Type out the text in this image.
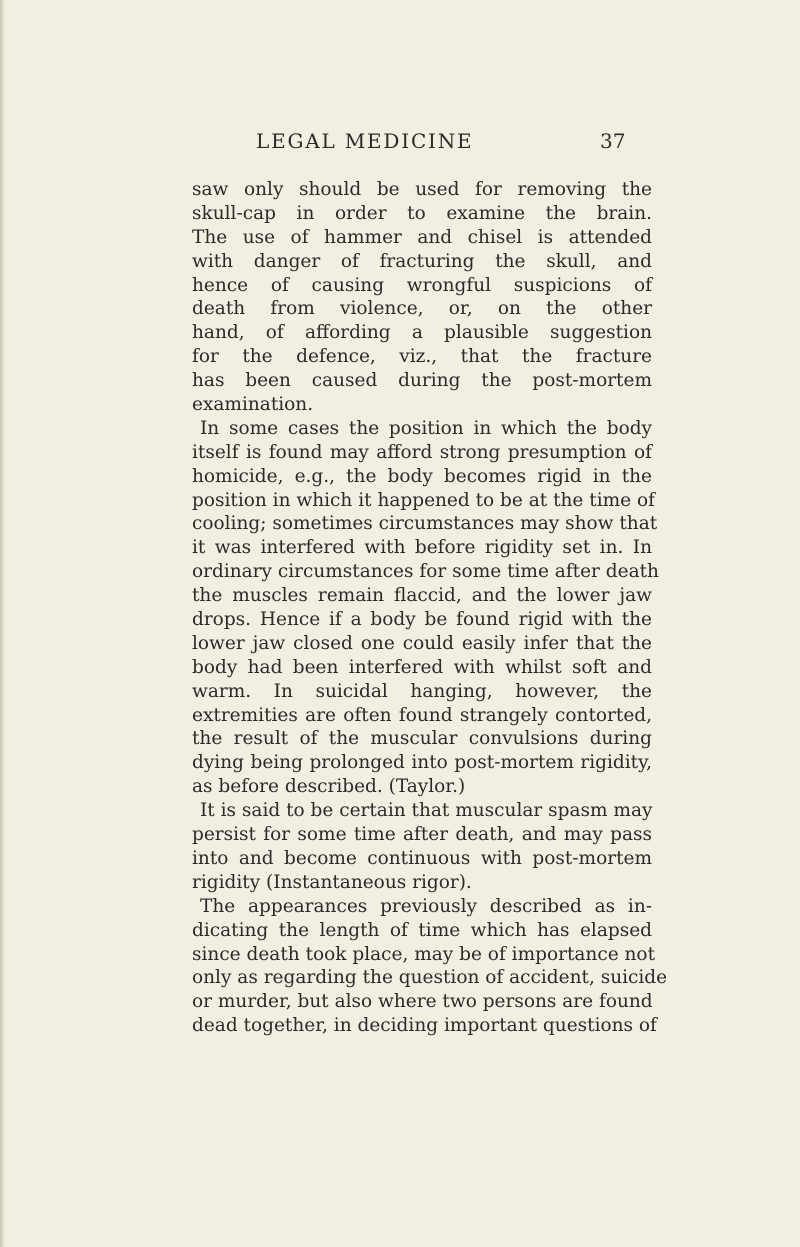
LEGAL MEDICINE	37
saw only should be used for removing the
skull-cap in order to examine the brain.
The use of hammer and chisel is attended
with danger of fracturing the skull, and
hence of causing wrongful suspicions of
death from violence, or, on the other
hand, of affording a plausible suggestion
for the defence, viz., that the fracture
has been caused during the post-mortem
examination.
In some cases the position in which the body
itself is found may afford strong presumption of
homicide, e.g., the body becomes rigid in the
position in which it happened to be at the time of
cooling; sometimes circumstances may show that
it was interfered with before rigidity set in. In
ordinary circumstances for some time after death
the muscles remain flaccid, and the lower jaw
drops. Hence if a body be found rigid with the
lower jaw closed one could easily infer that the
body had been interfered with whilst soft and
warm. In suicidal hanging, however, the
extremities are often found strangely contorted,
the result of the muscular convulsions during
dying being prolonged into post-mortem rigidity,
as before described. (Taylor.)
It is said to be certain that muscular spasm may
persist for some time after death, and may pass
into and become continuous with post-mortem
rigidity (Instantaneous rigor).
The appearances previously described as in-
dicating the length of time which has elapsed
since death took place, may be of importance not
only as regarding the question of accident, suicide
or murder, but also where two persons are found
dead together, in deciding important questions of
